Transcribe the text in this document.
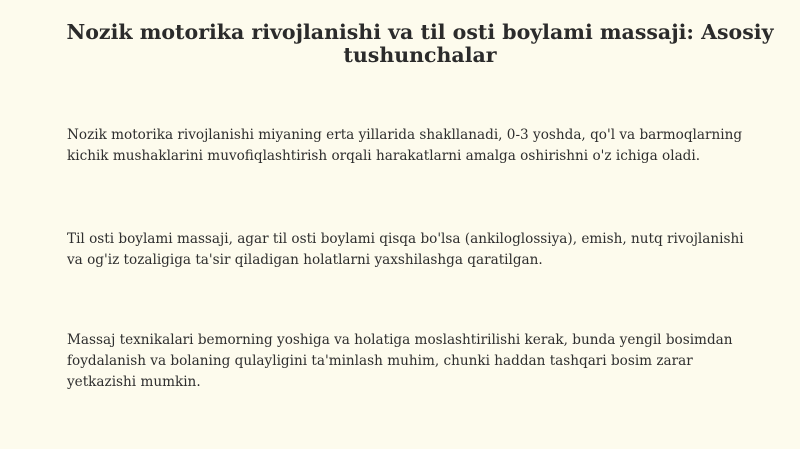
Nozik motorika rivojlanishi va til osti boylami massaji: Asosiy tushunchalar

Nozik motorika rivojlanishi miyaning erta yillarida shakllanadi, 0-3 yoshda, qo'l va barmoqlarning kichik mushaklarini muvofiqlashtirish orqali harakatlarni amalga oshirishni o'z ichiga oladi.

Til osti boylami massaji, agar til osti boylami qisqa bo'lsa (ankiloglossiya), emish, nutq rivojlanishi va og'iz tozaligiga ta'sir qiladigan holatlarni yaxshilashga qaratilgan.

Massaj texnikalari bemorning yoshiga va holatiga moslashtirilishi kerak, bunda yengil bosimdan foydalanish va bolaning qulayligini ta'minlash muhim, chunki haddan tashqari bosim zarar yetkazishi mumkin.
